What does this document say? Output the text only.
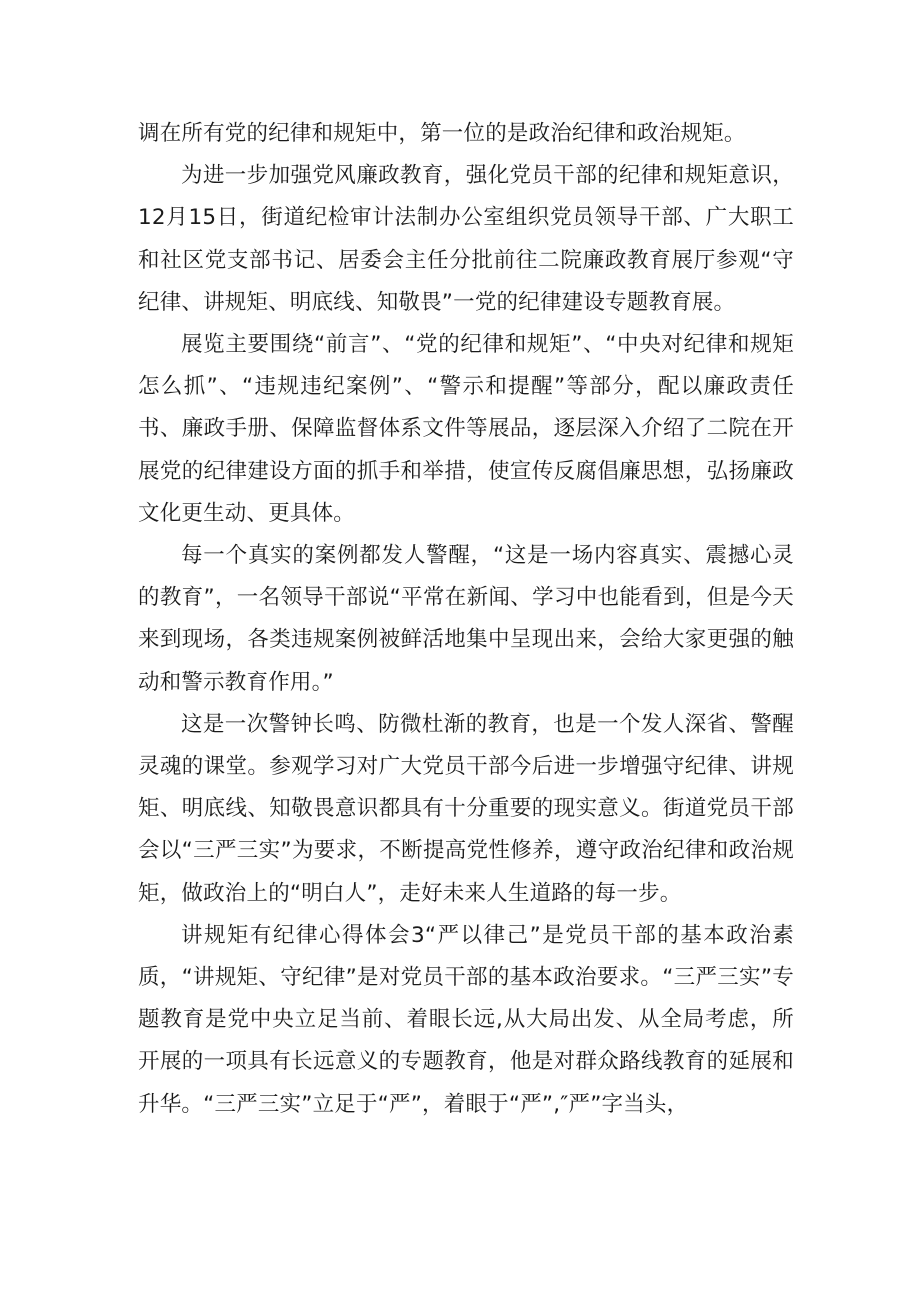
调在所有党的纪律和规矩中，第一位的是政治纪律和政治规矩。

为进一步加强党风廉政教育，强化党员干部的纪律和规矩意识，12月15日，街道纪检审计法制办公室组织党员领导干部、广大职工和社区党支部书记、居委会主任分批前往二院廉政教育展厅参观“守纪律、讲规矩、明底线、知敬畏”一党的纪律建设专题教育展。

展览主要围绕“前言”、“党的纪律和规矩”、“中央对纪律和规矩怎么抓”、“违规违纪案例”、“警示和提醒”等部分，配以廉政责任书、廉政手册、保障监督体系文件等展品，逐层深入介绍了二院在开展党的纪律建设方面的抓手和举措，使宣传反腐倡廉思想，弘扬廉政文化更生动、更具体。

每一个真实的案例都发人警醒，“这是一场内容真实、震撼心灵的教育”，一名领导干部说“平常在新闻、学习中也能看到，但是今天来到现场，各类违规案例被鲜活地集中呈现出来，会给大家更强的触动和警示教育作用。”

这是一次警钟长鸣、防微杜渐的教育，也是一个发人深省、警醒灵魂的课堂。参观学习对广大党员干部今后进一步增强守纪律、讲规矩、明底线、知敬畏意识都具有十分重要的现实意义。街道党员干部会以“三严三实”为要求，不断提高党性修养，遵守政治纪律和政治规矩，做政治上的“明白人”，走好未来人生道路的每一步。

讲规矩有纪律心得体会3“严以律己”是党员干部的基本政治素质，“讲规矩、守纪律”是对党员干部的基本政治要求。“三严三实”专题教育是党中央立足当前、着眼长远,从大局出发、从全局考虑，所开展的一项具有长远意义的专题教育，他是对群众路线教育的延展和升华。“三严三实”立足于“严”，着眼于“严”,″严”字当头，
